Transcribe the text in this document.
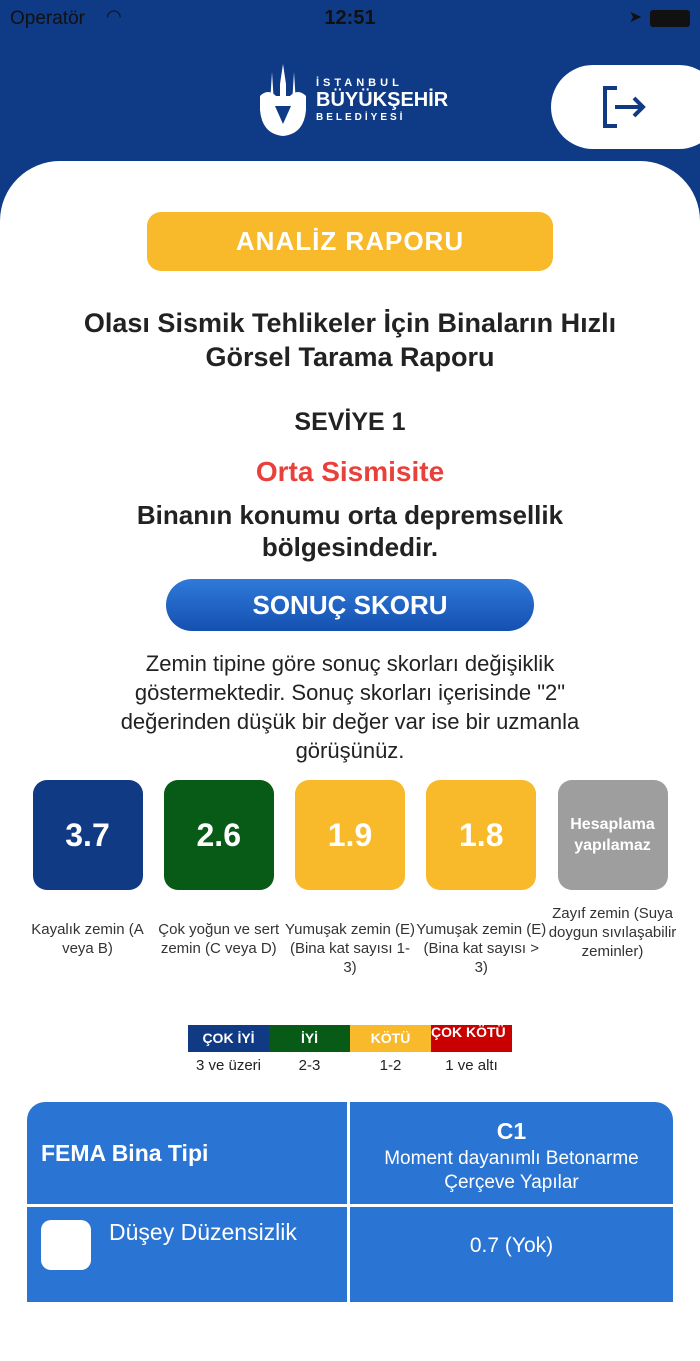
Operatör ◠	12:51	➤
İSTANBUL
BÜYÜKŞEHİR
BELEDİYESİ
ANALİZ RAPORU
Olası Sismik Tehlikeler İçin Binaların Hızlı Görsel Tarama Raporu
SEVİYE 1
Orta Sismisite
Binanın konumu orta depremsellik bölgesindedir.
SONUÇ SKORU
Zemin tipine göre sonuç skorları değişiklik göstermektedir. Sonuç skorları içerisinde "2" değerinden düşük bir değer var ise bir uzmanla görüşünüz.
3.7
Kayalık zemin (A veya B)
2.6
Çok yoğun ve sert zemin (C veya D)
1.9
Yumuşak zemin (E)(Bina kat sayısı 1-3)
1.8
Yumuşak zemin (E)(Bina kat sayısı > 3)
Hesaplama yapılamaz
Zayıf zemin (Suya doygun sıvılaşabilir zeminler)
ÇOK İYİ
3 ve üzeri
İYİ
2-3
KÖTÜ
1-2
ÇOK KÖTÜ
1 ve altı
FEMA Bina Tipi
C1
Moment dayanımlı Betonarme Çerçeve Yapılar
Düşey Düzensizlik
0.7 (Yok)
